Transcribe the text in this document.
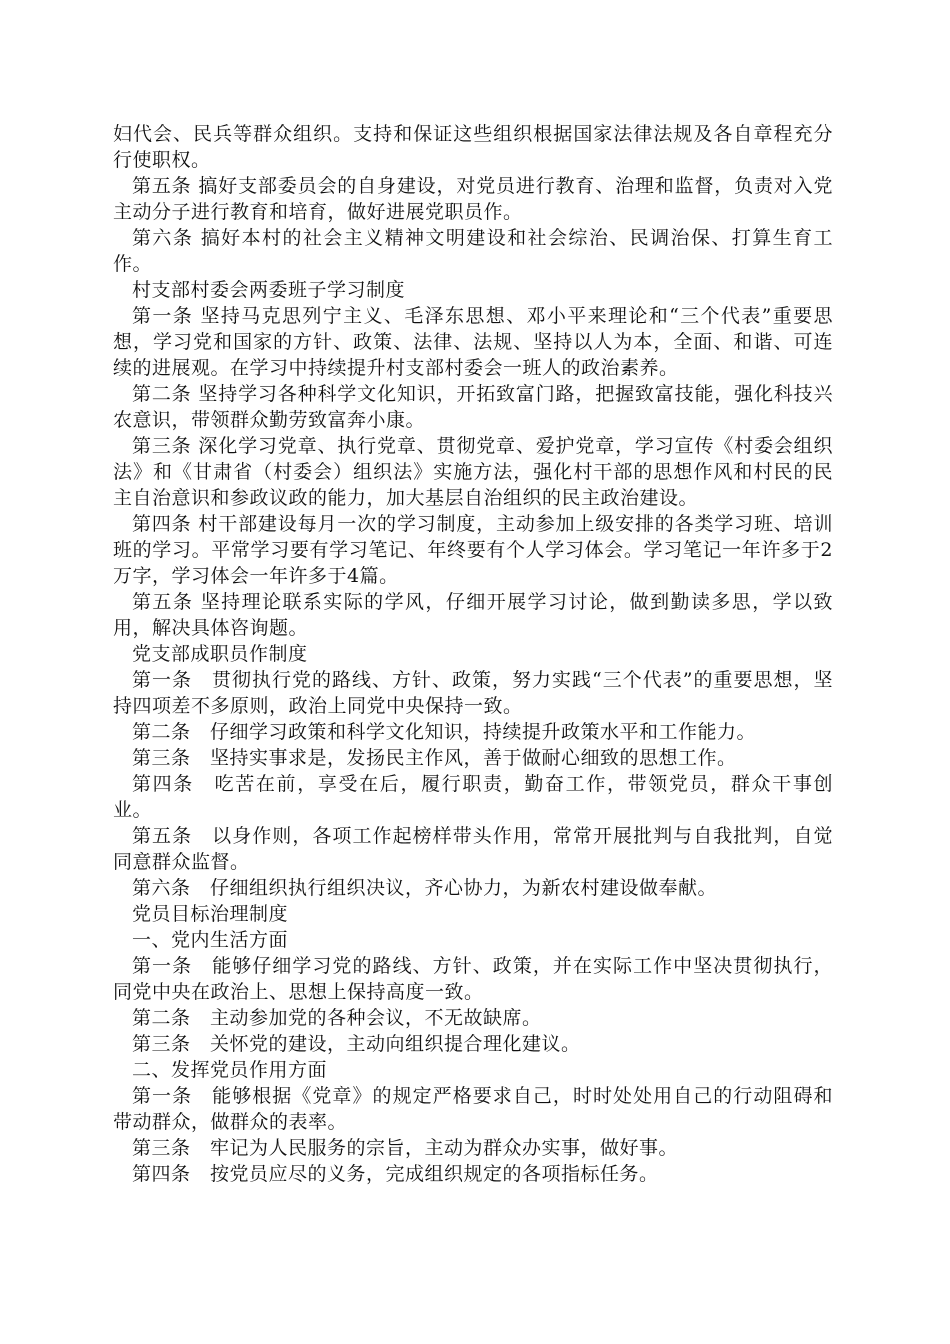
妇代会、民兵等群众组织。支持和保证这些组织根据国家法律法规及各自章程充分行使职权。

第五条 搞好支部委员会的自身建设，对党员进行教育、治理和监督，负责对入党主动分子进行教育和培育，做好进展党职员作。

第六条 搞好本村的社会主义精神文明建设和社会综治、民调治保、打算生育工作。

村支部村委会两委班子学习制度

第一条 坚持马克思列宁主义、毛泽东思想、邓小平来理论和“三个代表”重要思想，学习党和国家的方针、政策、法律、法规、坚持以人为本，全面、和谐、可连续的进展观。在学习中持续提升村支部村委会一班人的政治素养。

第二条 坚持学习各种科学文化知识，开拓致富门路，把握致富技能，强化科技兴农意识，带领群众勤劳致富奔小康。

第三条 深化学习党章、执行党章、贯彻党章、爱护党章，学习宣传《村委会组织法》和《甘肃省（村委会）组织法》实施方法，强化村干部的思想作风和村民的民主自治意识和参政议政的能力，加大基层自治组织的民主政治建设。

第四条 村干部建设每月一次的学习制度，主动参加上级安排的各类学习班、培训班的学习。平常学习要有学习笔记、年终要有个人学习体会。学习笔记一年许多于2万字，学习体会一年许多于4篇。

第五条 坚持理论联系实际的学风，仔细开展学习讨论，做到勤读多思，学以致用，解决具体咨询题。

党支部成职员作制度

第一条　贯彻执行党的路线、方针、政策，努力实践“三个代表”的重要思想，坚持四项差不多原则，政治上同党中央保持一致。

第二条　仔细学习政策和科学文化知识，持续提升政策水平和工作能力。

第三条　坚持实事求是，发扬民主作风，善于做耐心细致的思想工作。

第四条　吃苦在前，享受在后，履行职责，勤奋工作，带领党员，群众干事创业。

第五条　以身作则，各项工作起榜样带头作用，常常开展批判与自我批判，自觉同意群众监督。

第六条　仔细组织执行组织决议，齐心协力，为新农村建设做奉献。

党员目标治理制度

一、党内生活方面

第一条　能够仔细学习党的路线、方针、政策，并在实际工作中坚决贯彻执行，同党中央在政治上、思想上保持高度一致。

第二条　主动参加党的各种会议，不无故缺席。

第三条　关怀党的建设，主动向组织提合理化建议。

二、发挥党员作用方面

第一条　能够根据《党章》的规定严格要求自己，时时处处用自己的行动阻碍和带动群众，做群众的表率。

第三条　牢记为人民服务的宗旨，主动为群众办实事，做好事。

第四条　按党员应尽的义务，完成组织规定的各项指标任务。
